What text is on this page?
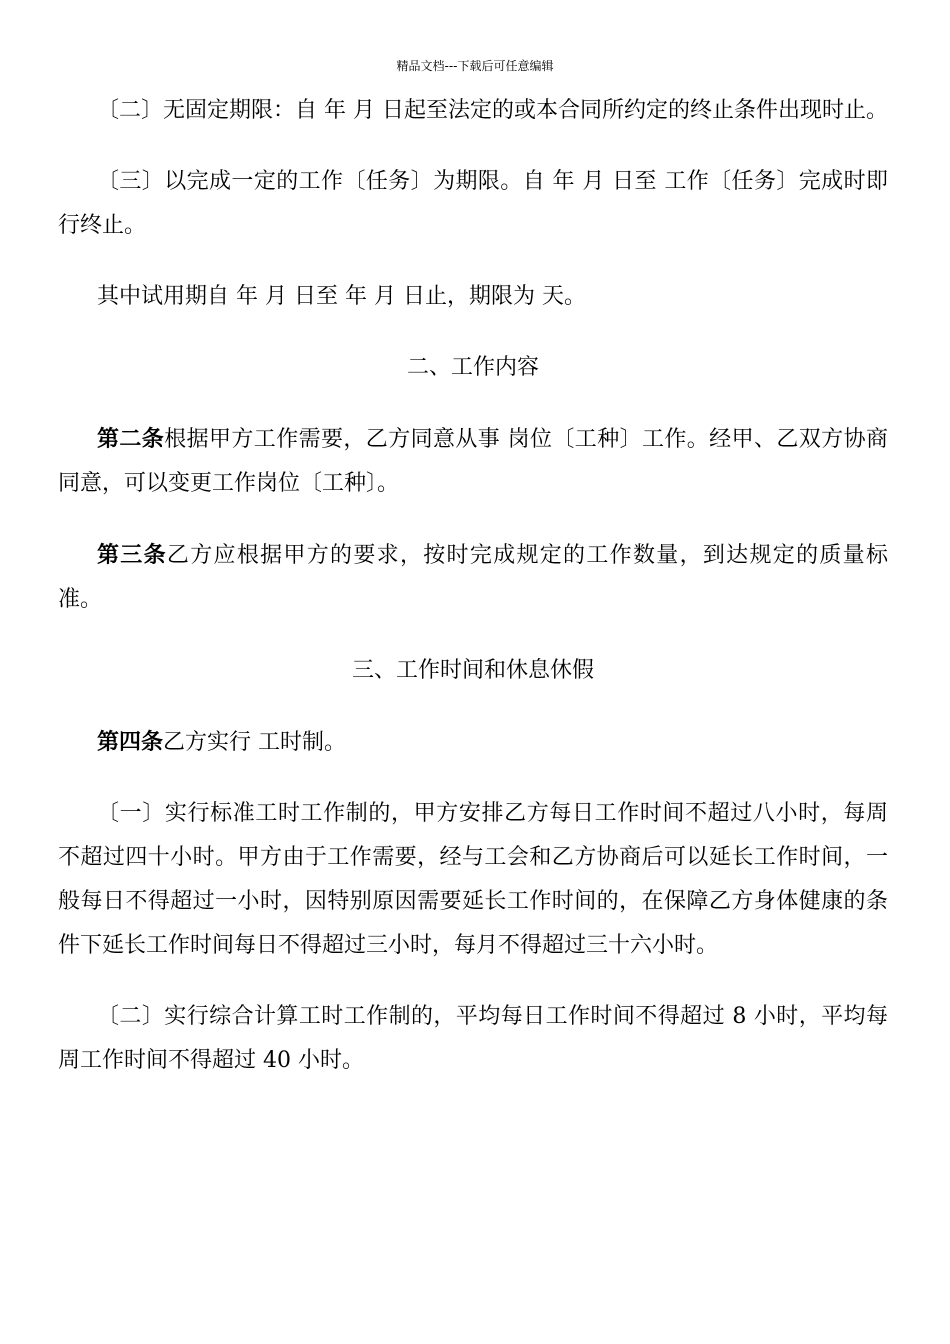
精品文档---下载后可任意编辑

〔二〕无固定期限：自 年 月 日起至法定的或本合同所约定的终止条件出现时止。

〔三〕以完成一定的工作〔任务〕为期限。自 年 月 日至 工作〔任务〕完成时即行终止。

其中试用期自 年 月 日至 年 月 日止，期限为 天。

二、工作内容

第二条根据甲方工作需要，乙方同意从事 岗位〔工种〕工作。经甲、乙双方协商同意，可以变更工作岗位〔工种〕。

第三条乙方应根据甲方的要求，按时完成规定的工作数量，到达规定的质量标准。

三、工作时间和休息休假

第四条乙方实行 工时制。

〔一〕实行标准工时工作制的，甲方安排乙方每日工作时间不超过八小时，每周不超过四十小时。甲方由于工作需要，经与工会和乙方协商后可以延长工作时间，一般每日不得超过一小时，因特别原因需要延长工作时间的，在保障乙方身体健康的条件下延长工作时间每日不得超过三小时，每月不得超过三十六小时。

〔二〕实行综合计算工时工作制的，平均每日工作时间不得超过 8 小时，平均每周工作时间不得超过 40 小时。
